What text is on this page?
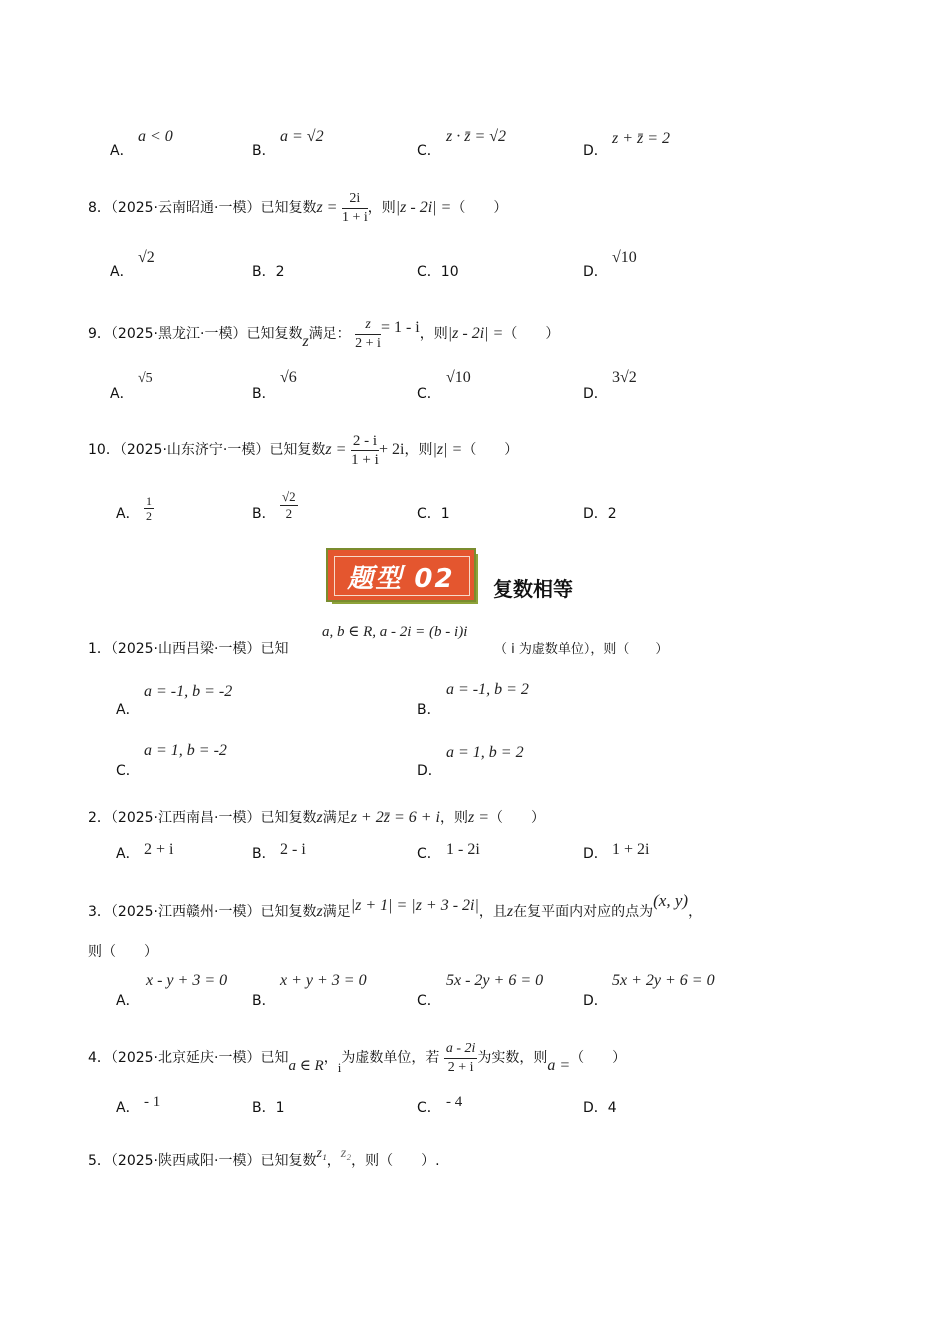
A．
a < 0
B．
a = √2
C．
z · z̄ = √2
D．
z + z̄ = 2
8．（2025·云南昭通·一模）已知复数$z = \frac{2i}{1 + i}$ ，则|z - 2i| =（　　）
A．
√2
B．2	C．10	D．
√10
9．（2025·黑龙江·一模）已知复数z满足： $\frac{z}{2 + i} = 1 - i$，则|z - 2i| =（　　）
A．
√5
B．
√6
C．
√10
D．
3√2
10．（2025·山东济宁·一模）已知复数$z = \frac{2 - i}{1 + i} + 2i$，则|z| =（　　）
A． $\frac{1}{2}$	B． $\frac{√2}{2}$	C．1	D．2
题型 02	复数相等
1．（2025·山西吕梁·一模）已知
a, b ∈ R, a - 2i = (b - i)i
（ i 为虚数单位），则（　　）
A．
a = -1, b = -2
B．
a = -1, b = 2
C．
a = 1, b = -2
D．
a = 1, b = 2
2．（2025·江西南昌·一模）已知复数z满足z + 2z̄ = 6 + i，则z =（　　）
A． 2 + i	B． 2 - i	C． 1 - 2i	D． 1 + 2i
3．（2025·江西赣州·一模）已知复数z满足|z + 1| = |z + 3 - 2i|，且z在复平面内对应的点为(x, y)，
则（　　）
A．
x - y + 3 = 0
B．
x + y + 3 = 0
C．
5x - 2y + 6 = 0
D．
5x + 2y + 6 = 0
4．（2025·北京延庆·一模）已知a ∈ R，i为虚数单位，若 $\frac{a - 2i}{2 + i}$ 为实数，则a =（　　）
A． - 1	B．1	C． - 4	D．4
5．（2025·陕西咸阳·一模）已知复数z₁，z₂，则（　　）.
